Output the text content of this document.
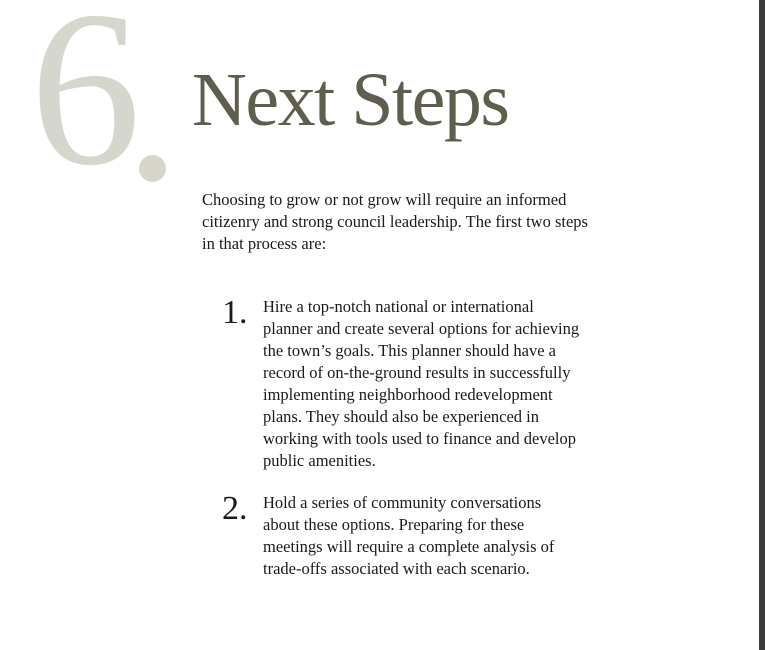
6 Next Steps

Choosing to grow or not grow will require an informed citizenry and strong council leadership. The first two steps in that process are:

1. Hire a top-notch national or international planner and create several options for achieving the town’s goals. This planner should have a record of on-the-ground results in successfully implementing neighborhood redevelopment plans. They should also be experienced in working with tools used to finance and develop public amenities.
2. Hold a series of community conversations about these options. Preparing for these meetings will require a complete analysis of trade-offs associated with each scenario.
